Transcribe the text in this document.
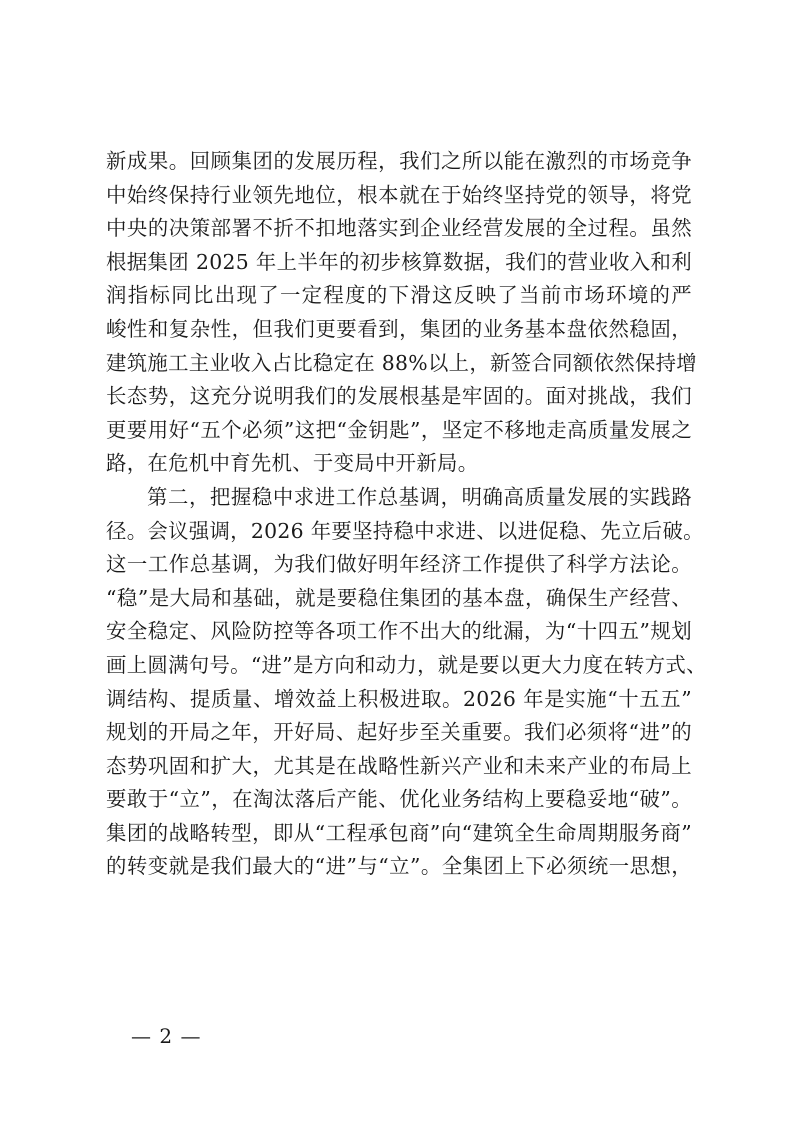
新成果。回顾集团的发展历程，我们之所以能在激烈的市场竞争
中始终保持行业领先地位，根本就在于始终坚持党的领导，将党
中央的决策部署不折不扣地落实到企业经营发展的全过程。虽然
根据集团 2025 年上半年的初步核算数据，我们的营业收入和利
润指标同比出现了一定程度的下滑这反映了当前市场环境的严
峻性和复杂性，但我们更要看到，集团的业务基本盘依然稳固，
建筑施工主业收入占比稳定在 88%以上，新签合同额依然保持增
长态势，这充分说明我们的发展根基是牢固的。面对挑战，我们
更要用好“五个必须”这把“金钥匙”，坚定不移地走高质量发展之
路，在危机中育先机、于变局中开新局。
第二，把握稳中求进工作总基调，明确高质量发展的实践路
径。会议强调，2026 年要坚持稳中求进、以进促稳、先立后破。
这一工作总基调，为我们做好明年经济工作提供了科学方法论。
“稳”是大局和基础，就是要稳住集团的基本盘，确保生产经营、
安全稳定、风险防控等各项工作不出大的纰漏，为“十四五”规划
画上圆满句号。“进”是方向和动力，就是要以更大力度在转方式、
调结构、提质量、增效益上积极进取。2026 年是实施“十五五”
规划的开局之年，开好局、起好步至关重要。我们必须将“进”的
态势巩固和扩大，尤其是在战略性新兴产业和未来产业的布局上
要敢于“立”，在淘汰落后产能、优化业务结构上要稳妥地“破”。
集团的战略转型，即从“工程承包商”向“建筑全生命周期服务商”
的转变就是我们最大的“进”与“立”。全集团上下必须统一思想，
— 2 —
